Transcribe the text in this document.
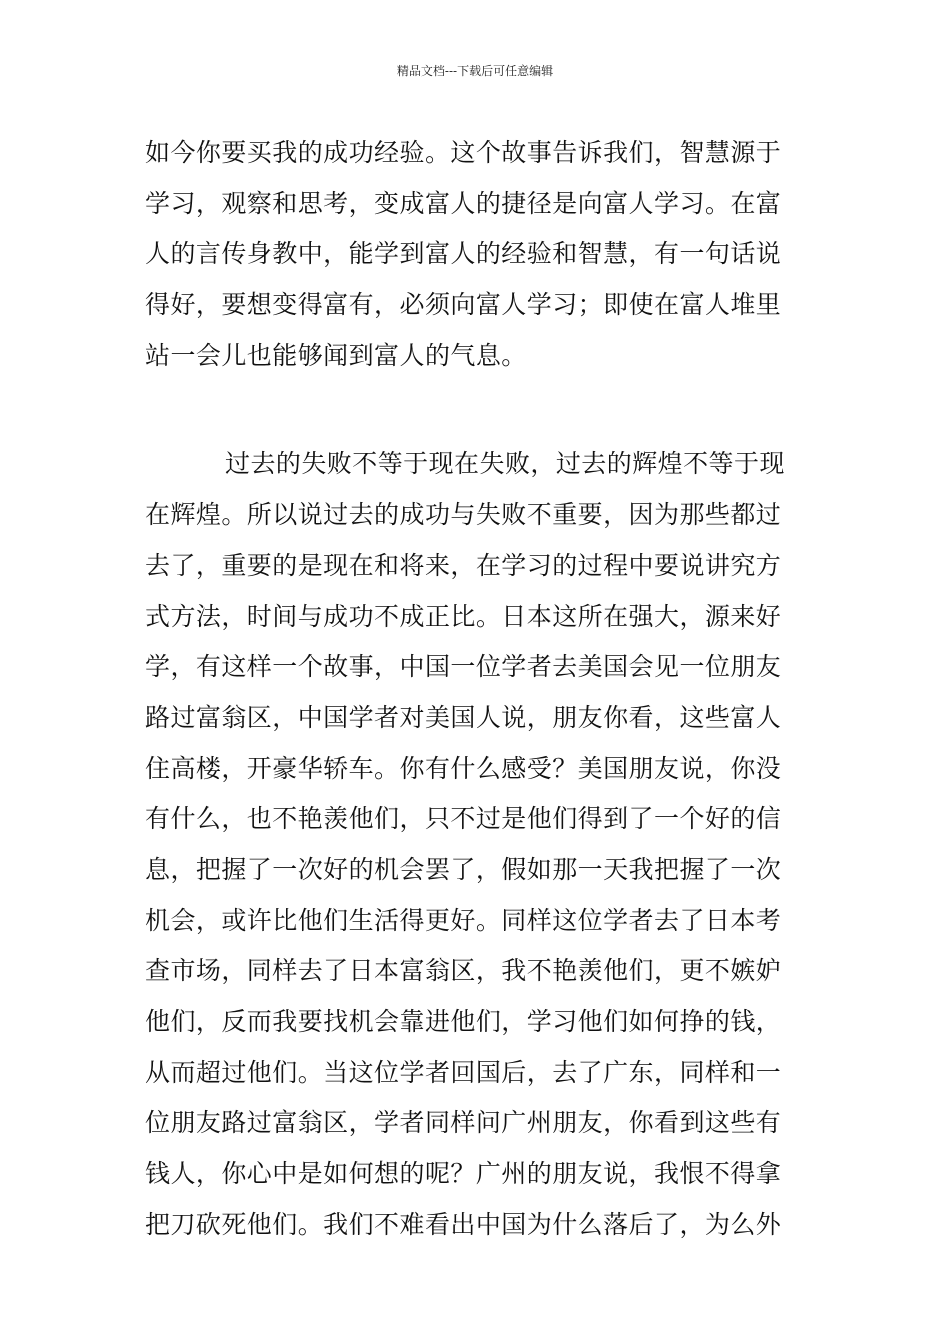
精品文档---下载后可任意编辑
如今你要买我的成功经验。这个故事告诉我们，智慧源于
学习，观察和思考，变成富人的捷径是向富人学习。在富
人的言传身教中，能学到富人的经验和智慧，有一句话说
得好，要想变得富有，必须向富人学习；即使在富人堆里
站一会儿也能够闻到富人的气息。
过去的失败不等于现在失败，过去的辉煌不等于现
在辉煌。所以说过去的成功与失败不重要，因为那些都过
去了，重要的是现在和将来，在学习的过程中要说讲究方
式方法，时间与成功不成正比。日本这所在强大，源来好
学，有这样一个故事，中国一位学者去美国会见一位朋友
路过富翁区，中国学者对美国人说，朋友你看，这些富人
住高楼，开豪华轿车。你有什么感受？美国朋友说，你没
有什么，也不艳羡他们，只不过是他们得到了一个好的信
息，把握了一次好的机会罢了，假如那一天我把握了一次
机会，或许比他们生活得更好。同样这位学者去了日本考
查市场，同样去了日本富翁区，我不艳羡他们，更不嫉妒
他们，反而我要找机会靠进他们，学习他们如何挣的钱，
从而超过他们。当这位学者回国后，去了广东，同样和一
位朋友路过富翁区，学者同样问广州朋友，你看到这些有
钱人，你心中是如何想的呢？广州的朋友说，我恨不得拿
把刀砍死他们。我们不难看出中国为什么落后了，为么外
